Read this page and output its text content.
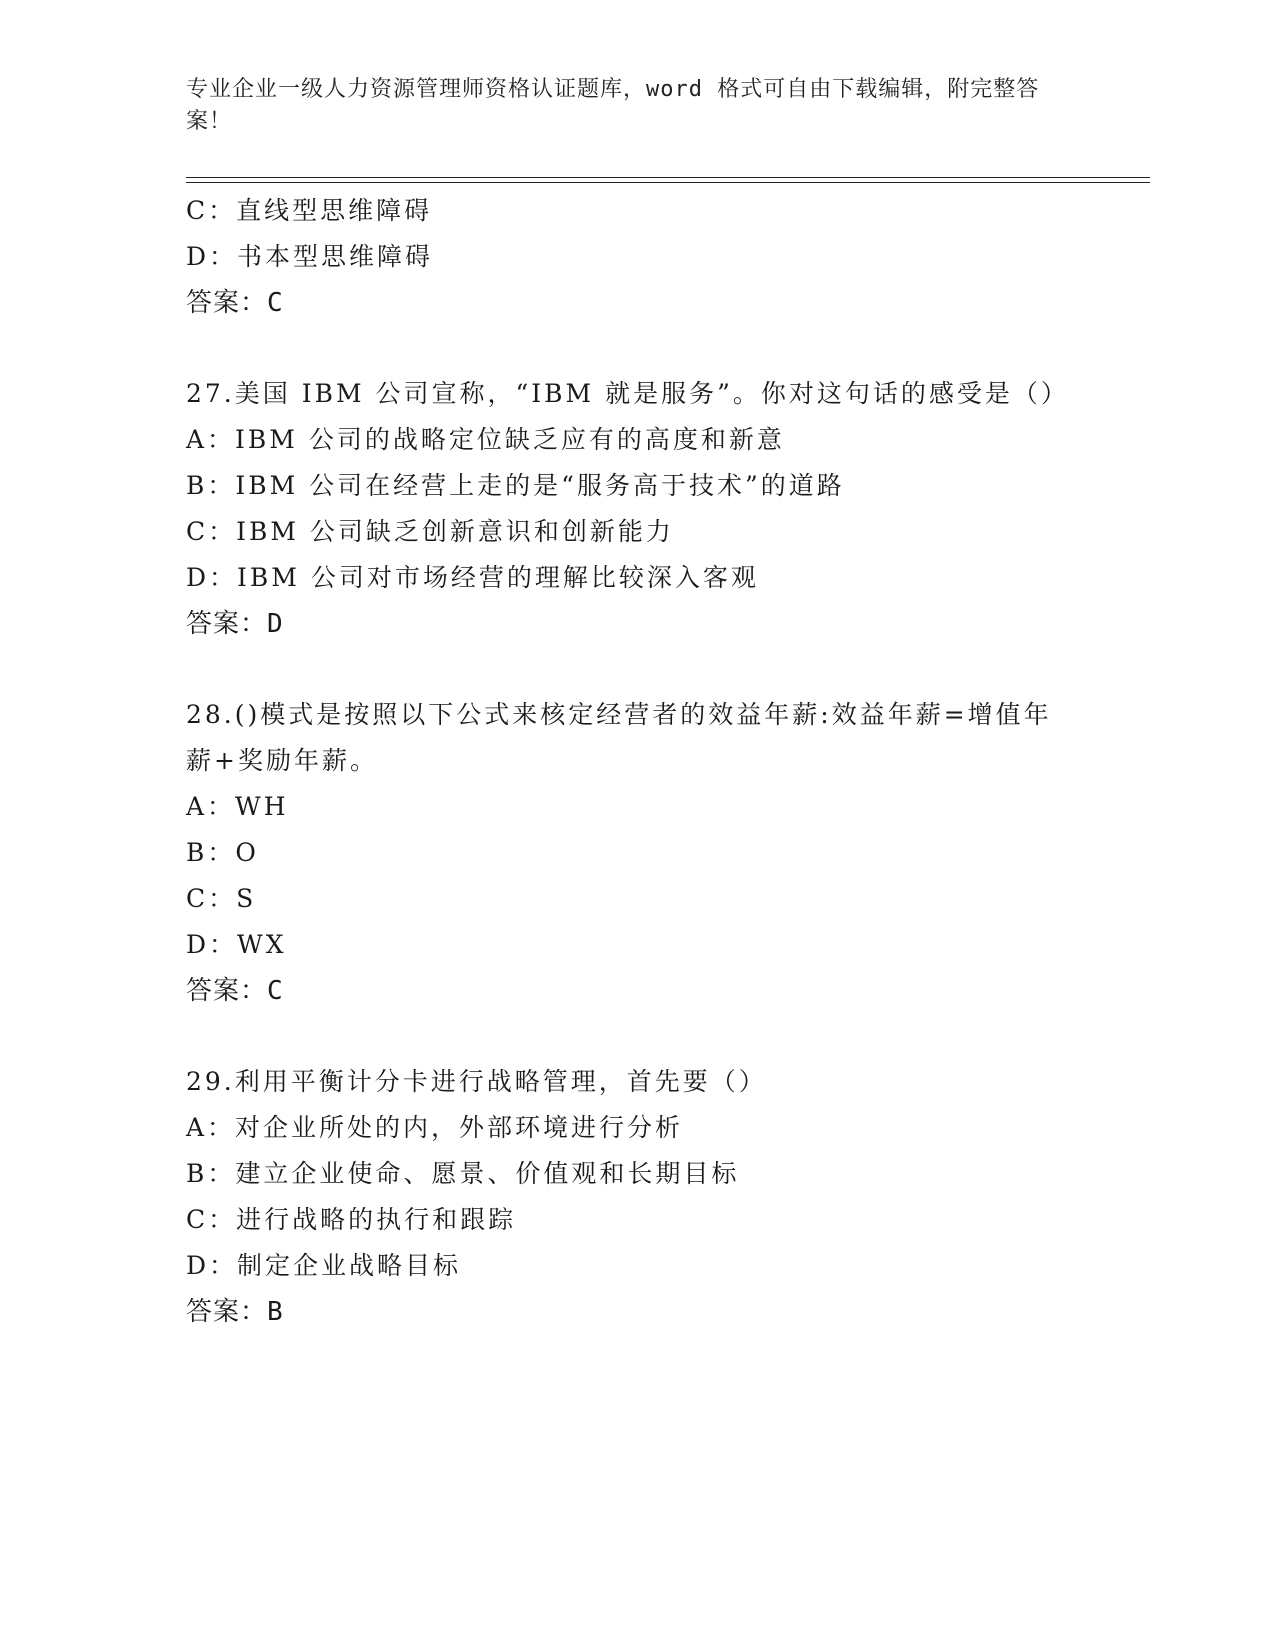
专业企业一级人力资源管理师资格认证题库，word 格式可自由下载编辑，附完整答案！

C：直线型思维障碍

D：书本型思维障碍

答案：C

27.美国 IBM 公司宣称，“IBM 就是服务”。你对这句话的感受是（）

A：IBM 公司的战略定位缺乏应有的高度和新意

B：IBM 公司在经营上走的是“服务高于技术”的道路

C：IBM 公司缺乏创新意识和创新能力

D：IBM 公司对市场经营的理解比较深入客观

答案：D

28.()模式是按照以下公式来核定经营者的效益年薪:效益年薪=增值年薪+奖励年薪。

A：WH

B：O

C：S

D：WX

答案：C

29.利用平衡计分卡进行战略管理，首先要（）

A：对企业所处的内，外部环境进行分析

B：建立企业使命、愿景、价值观和长期目标

C：进行战略的执行和跟踪

D：制定企业战略目标

答案：B
